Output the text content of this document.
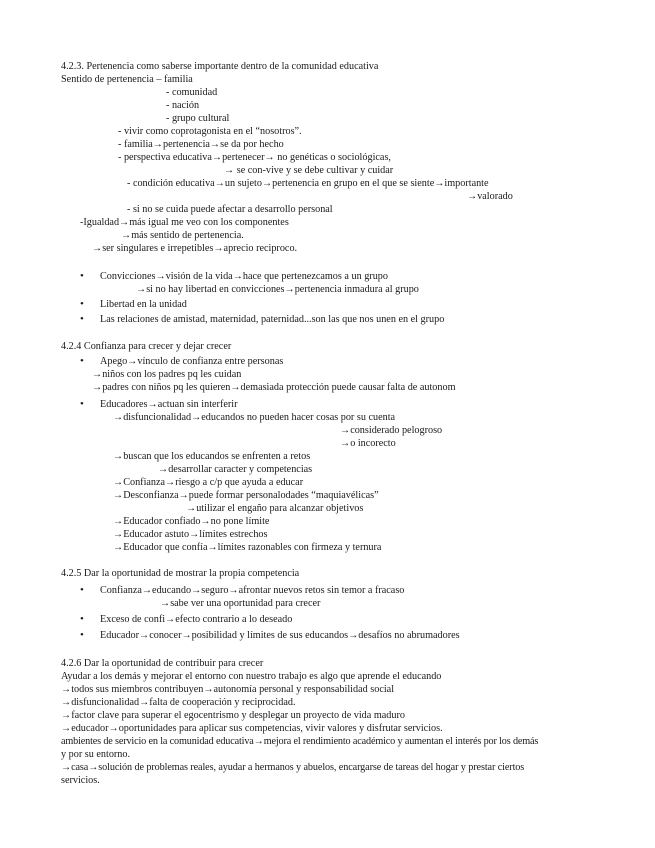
4.2.3. Pertenencia como saberse importante dentro de la comunidad educativa
Sentido de pertenencia – familia
- comunidad
- nación
- grupo cultural
- vivir como coprotagonista en el “nosotros”.
- familia→pertenencia→se da por hecho
- perspectiva educativa→pertenecer→ no genéticas o sociológicas,
→ se con-vive y se debe cultivar y cuidar
- condición educativa→un sujeto→pertenencia en grupo en el que se siente→importante
→valorado
- si no se cuida puede afectar a desarrollo personal
-Igualdad→más igual me veo con los componentes
→más sentido de pertenencia.
→ser singulares e irrepetibles→aprecio reciproco.
•
Convicciones→visión de la vida→hace que pertenezcamos a un grupo
→si no hay libertad en convicciones→pertenencia inmadura al grupo
•
Libertad en la unidad
•
Las relaciones de amistad, maternidad, paternidad...son las que nos unen en el grupo
4.2.4 Confianza para crecer y dejar crecer
•
Apego→vínculo de confianza entre personas
→niños con los padres pq les cuidan
→padres con niños pq les quieren→demasiada protección puede causar falta de autonom
•
Educadores→actuan sin interferir
→disfuncionalidad→educandos no pueden hacer cosas por su cuenta
→considerado pelogroso
→o incorecto
→buscan que los educandos se enfrenten a retos
→desarrollar caracter y competencias
→Confianza→riesgo a c/p que ayuda a educar
→Desconfianza→puede formar personalodades “maquiavélicas”
→utilizar el engaño para alcanzar objetivos
→Educador confiado→no pone límite
→Educador astuto→límites estrechos
→Educador que confía→límites razonables con firmeza y ternura
4.2.5 Dar la oportunidad de mostrar la propia competencia
•
Confianza→educando→seguro→afrontar nuevos retos sin temor a fracaso
→sabe ver una oportunidad para crecer
•
Exceso de confi→efecto contrario a lo deseado
•
Educador→conocer→posibilidad y límites de sus educandos→desafíos no abrumadores
4.2.6 Dar la oportunidad de contribuir para crecer
Ayudar a los demás y mejorar el entorno con nuestro trabajo es algo que aprende el educando
→todos sus miembros contribuyen→autonomía personal y responsabilidad social
→disfuncionalidad→falta de cooperación y reciprocidad.
→factor clave para superar el egocentrismo y desplegar un proyecto de vida maduro
→educador→oportunidades para aplicar sus competencias, vivir valores y disfrutar servicios.
ambientes de servicio en la comunidad educativa→mejora el rendimiento académico y aumentan el interés por los demás
y por su entorno.
→casa→solución de problemas reales, ayudar a hermanos y abuelos, encargarse de tareas del hogar y prestar ciertos
servicios.
